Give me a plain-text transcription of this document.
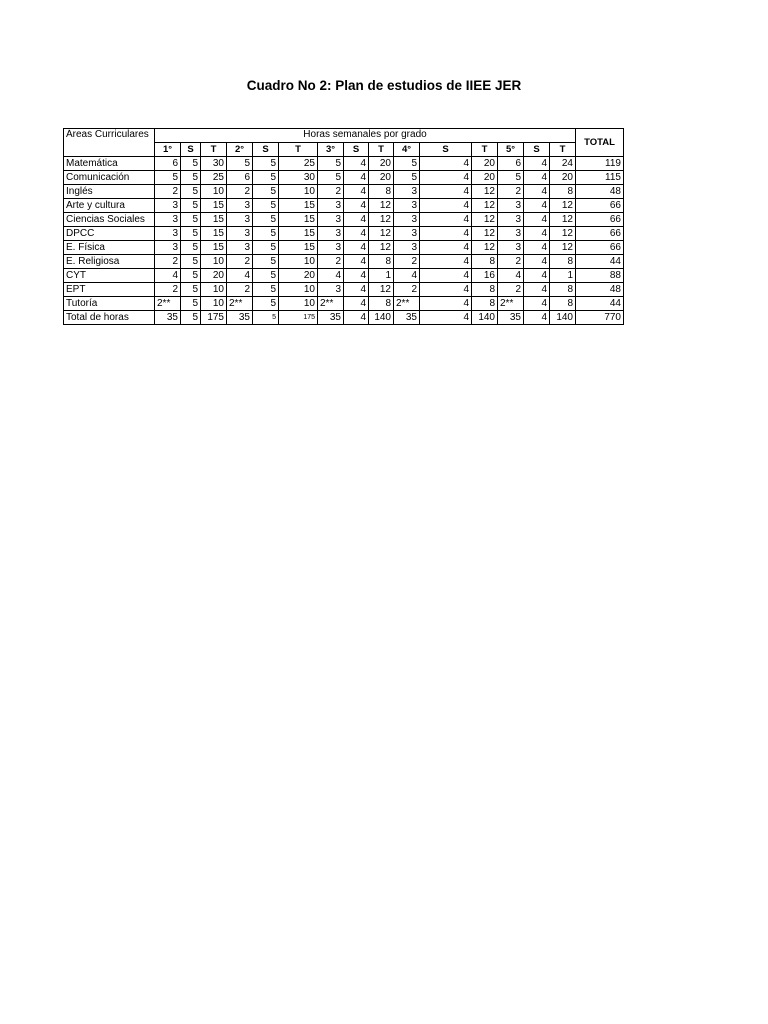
Cuadro No 2: Plan de estudios de IIEE JER
Áreas Curriculares	Horas semanales por grado															TOTAL
	1°	S	T	2°	S	T	3°	S	T	4°	S	T	5°	S	T	
Matemática	6	5	30	5	5	25	5	4	20	5	4	20	6	4	24	119
Comunicación	5	5	25	6	5	30	5	4	20	5	4	20	5	4	20	115
Inglés	2	5	10	2	5	10	2	4	8	3	4	12	2	4	8	48
Arte y cultura	3	5	15	3	5	15	3	4	12	3	4	12	3	4	12	66
Ciencias Sociales	3	5	15	3	5	15	3	4	12	3	4	12	3	4	12	66
DPCC	3	5	15	3	5	15	3	4	12	3	4	12	3	4	12	66
E. Física	3	5	15	3	5	15	3	4	12	3	4	12	3	4	12	66
E. Religiosa	2	5	10	2	5	10	2	4	8	2	4	8	2	4	8	44
CYT	4	5	20	4	5	20	4	4	1	4	4	16	4	4	1	88
EPT	2	5	10	2	5	10	3	4	12	2	4	8	2	4	8	48
Tutoría	2**	5	10	2**	5	10	2**	4	8	2**	4	8	2**	4	8	44
Total de horas	35	5	175	35	5	175	35	4	140	35	4	140	35	4	140	770
